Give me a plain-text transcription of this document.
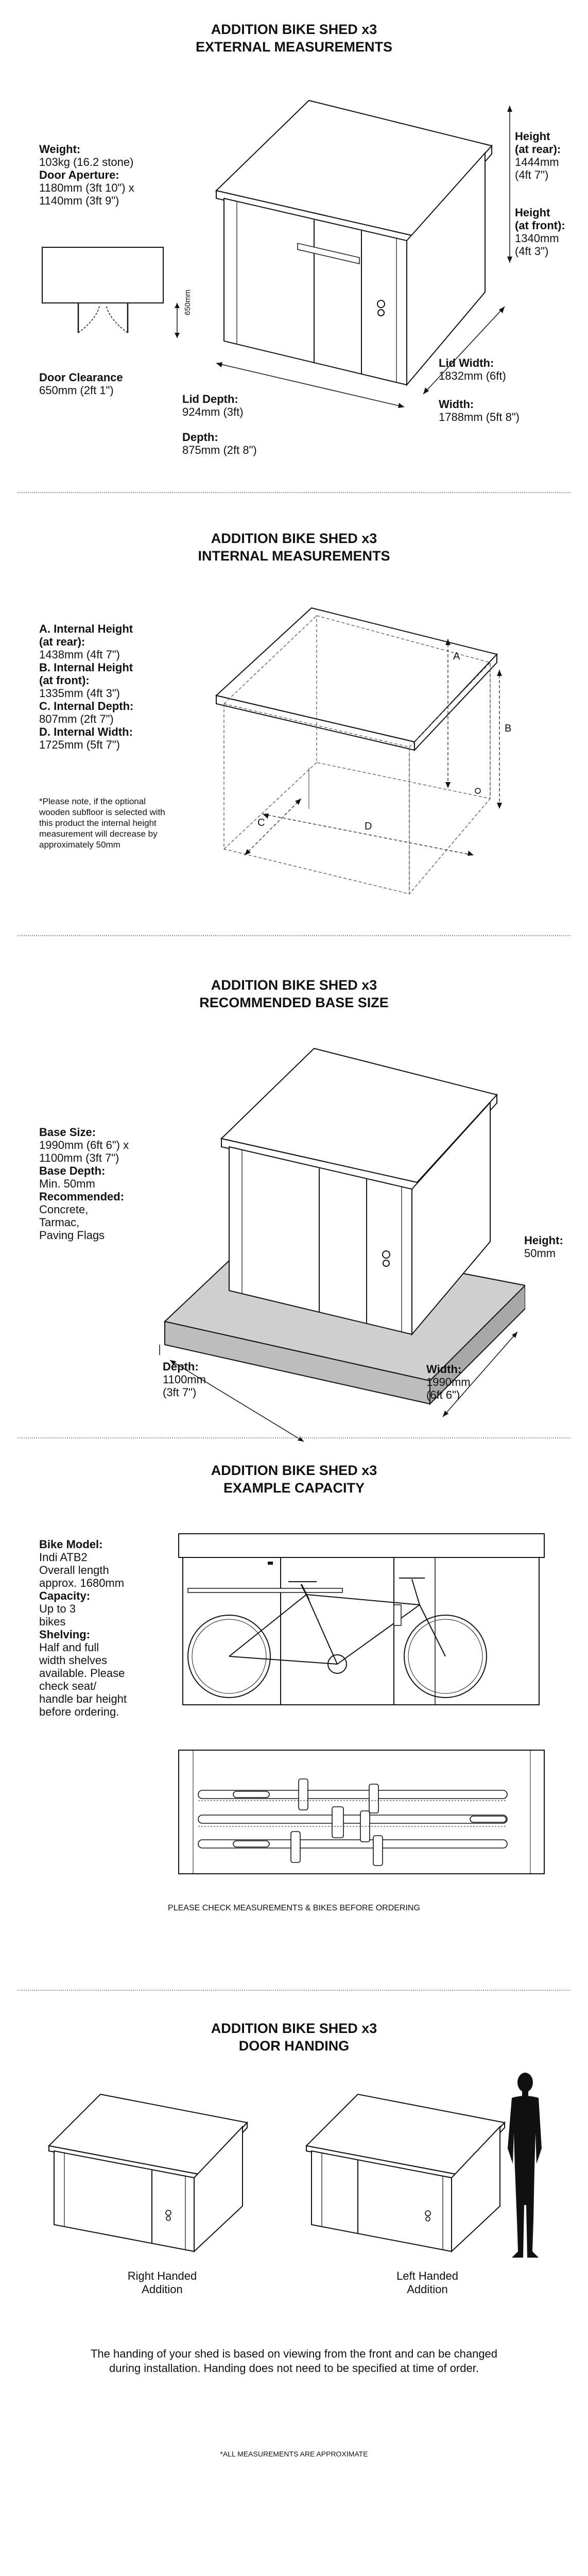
ADDITION BIKE SHED x3
EXTERNAL MEASUREMENTS
Weight:
103kg (16.2 stone)
Door Aperture:
1180mm (3ft 10") x
1140mm (3ft 9")
650mm
Door Clearance
650mm (2ft 1")
Height
(at rear):
1444mm
(4ft 7")
Height
(at front):
1340mm
(4ft 3")
Lid Width:
1832mm (6ft)
Width:
1788mm (5ft 8")
Lid Depth:
924mm (3ft)
Depth:
875mm (2ft 8")
ADDITION BIKE SHED x3
INTERNAL MEASUREMENTS
A. Internal Height
(at rear):
1438mm (4ft 7")
B. Internal Height
(at front):
1335mm (4ft 3")
C. Internal Depth:
807mm (2ft 7")
D. Internal Width:
1725mm (5ft 7")
*Please note, if the optional wooden subfloor is selected with this product the internal height measurement will decrease by approximately 50mm
A
B
C	D
ADDITION BIKE SHED x3
RECOMMENDED BASE SIZE
Base Size:
1990mm (6ft 6") x
1100mm (3ft 7")
Base Depth:
Min. 50mm
Recommended:
Concrete,
Tarmac,
Paving Flags	Height:
50mm
Width:
1990mm
(6ft 6")
Depth:
1100mm
(3ft 7")
ADDITION BIKE SHED x3
EXAMPLE CAPACITY
Bike Model:
Indi ATB2
Overall length
approx. 1680mm
Capacity:
Up to 3
bikes
Shelving:
Half and full
width shelves
available. Please
check seat/
handle bar height
before ordering.
PLEASE CHECK MEASUREMENTS & BIKES BEFORE ORDERING
ADDITION BIKE SHED x3
DOOR HANDING
Right Handed
Addition
Left Handed
Addition
The handing of your shed is based on viewing from the front and can be changed
during installation. Handing does not need to be specified at time of order.
*ALL MEASUREMENTS ARE APPROXIMATE
